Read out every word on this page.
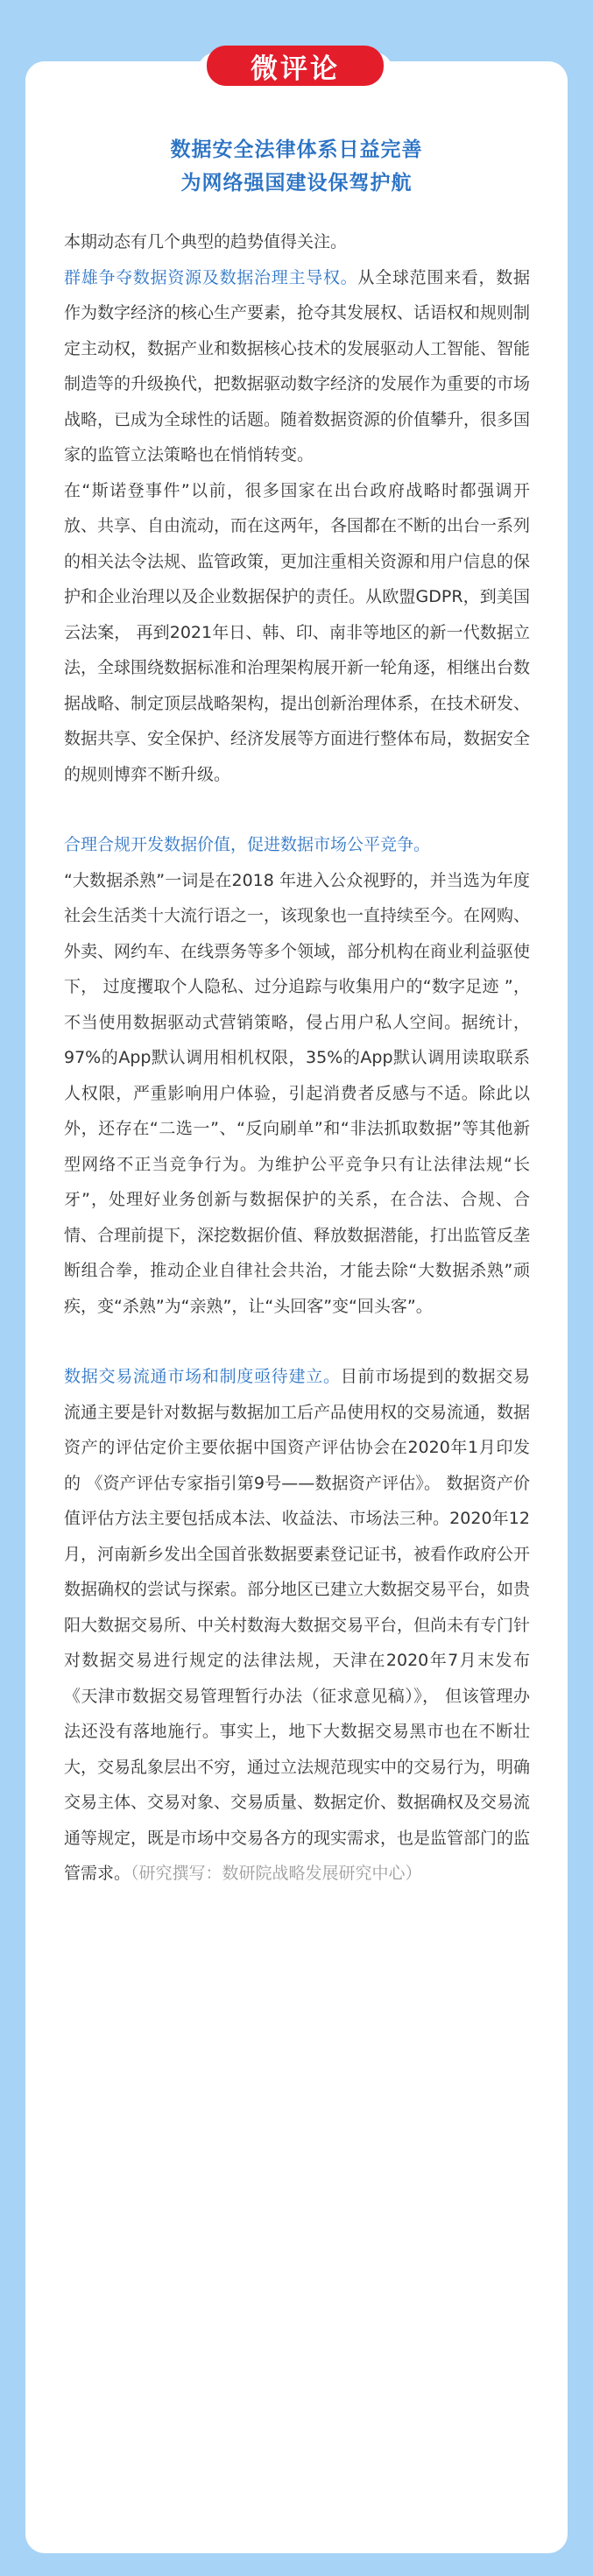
微评论
数据安全法律体系日益完善
为网络强国建设保驾护航

本期动态有几个典型的趋势值得关注。

群雄争夺数据资源及数据治理主导权。从全球范围来看，数据作为数字经济的核心生产要素，抢夺其发展权、话语权和规则制定主动权，数据产业和数据核心技术的发展驱动人工智能、智能制造等的升级换代，把数据驱动数字经济的发展作为重要的市场战略，已成为全球性的话题。随着数据资源的价值攀升，很多国家的监管立法策略也在悄悄转变。

在“斯诺登事件”以前，很多国家在出台政府战略时都强调开放、共享、自由流动，而在这两年，各国都在不断的出台一系列的相关法令法规、监管政策，更加注重相关资源和用户信息的保护和企业治理以及企业数据保护的责任。从欧盟GDPR，到美国云法案， 再到2021年日、韩、印、南非等地区的新一代数据立法，全球围绕数据标准和治理架构展开新一轮角逐，相继出台数据战略、制定顶层战略架构，提出创新治理体系，在技术研发、数据共享、安全保护、经济发展等方面进行整体布局，数据安全的规则博弈不断升级。

合理合规开发数据价值，促进数据市场公平竞争。

“大数据杀熟”一词是在2018 年进入公众视野的，并当选为年度社会生活类十大流行语之一，该现象也一直持续至今。在网购、外卖、网约车、在线票务等多个领域，部分机构在商业利益驱使下， 过度攫取个人隐私、过分追踪与收集用户的“数字足迹 ”，不当使用数据驱动式营销策略，侵占用户私人空间。据统计，97%的App默认调用相机权限，35%的App默认调用读取联系人权限，严重影响用户体验，引起消费者反感与不适。除此以外，还存在“二选一”、“反向刷单”和“非法抓取数据”等其他新型网络不正当竞争行为。为维护公平竞争只有让法律法规“长牙”，处理好业务创新与数据保护的关系，在合法、合规、合情、合理前提下，深挖数据价值、释放数据潜能，打出监管反垄断组合拳，推动企业自律社会共治，才能去除“大数据杀熟”顽疾，变“杀熟”为“亲熟”，让“头回客”变“回头客”。

数据交易流通市场和制度亟待建立。目前市场提到的数据交易流通主要是针对数据与数据加工后产品使用权的交易流通，数据资产的评估定价主要依据中国资产评估协会在2020年1月印发的 《资产评估专家指引第9号——数据资产评估》。 数据资产价值评估方法主要包括成本法、收益法、市场法三种。2020年12月，河南新乡发出全国首张数据要素登记证书，被看作政府公开数据确权的尝试与探索。部分地区已建立大数据交易平台，如贵阳大数据交易所、中关村数海大数据交易平台，但尚未有专门针对数据交易进行规定的法律法规，天津在2020年7月末发布《天津市数据交易管理暂行办法（征求意见稿）》， 但该管理办法还没有落地施行。事实上，地下大数据交易黑市也在不断壮大，交易乱象层出不穷，通过立法规范现实中的交易行为，明确交易主体、交易对象、交易质量、数据定价、数据确权及交易流通等规定，既是市场中交易各方的现实需求，也是监管部门的监管需求。（研究撰写：数研院战略发展研究中心）
